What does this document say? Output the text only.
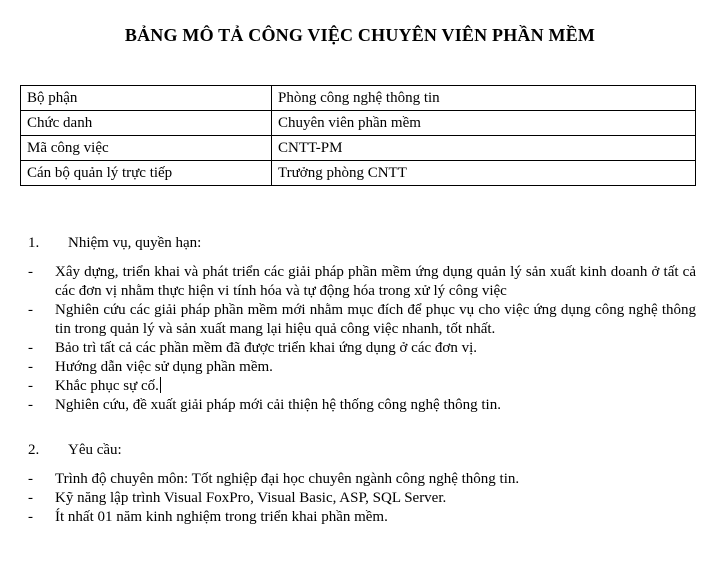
BẢNG MÔ TẢ CÔNG VIỆC CHUYÊN VIÊN PHẦN MỀM
Bộ phận	Phòng công nghệ thông tin
Chức danh	Chuyên viên phần mềm
Mã công việc	CNTT-PM
Cán bộ quản lý trực tiếp	Trưởng phòng CNTT
1. Nhiệm vụ, quyền hạn:
- Xây dựng, triển khai và phát triển các giải pháp phần mềm ứng dụng quản lý sản xuất kinh doanh ở tất cả các đơn vị nhằm thực hiện vi tính hóa và tự động hóa trong xử lý công việc
- Nghiên cứu các giải pháp phần mềm mới nhằm mục đích để phục vụ cho việc ứng dụng công nghệ thông tin trong quản lý và sản xuất mang lại hiệu quả công việc nhanh, tốt nhất.
- Bảo trì tất cả các phần mềm đã được triển khai ứng dụng ở các đơn vị.
- Hướng dẫn việc sử dụng phần mềm.
- Khắc phục sự cố.
- Nghiên cứu, đề xuất giải pháp mới cải thiện hệ thống công nghệ thông tin.
2. Yêu cầu:
- Trình độ chuyên môn: Tốt nghiệp đại học chuyên ngành công nghệ thông tin.
- Kỹ năng lập trình Visual FoxPro, Visual Basic, ASP, SQL Server.
- Ít nhất 01 năm kinh nghiệm trong triển khai phần mềm.
